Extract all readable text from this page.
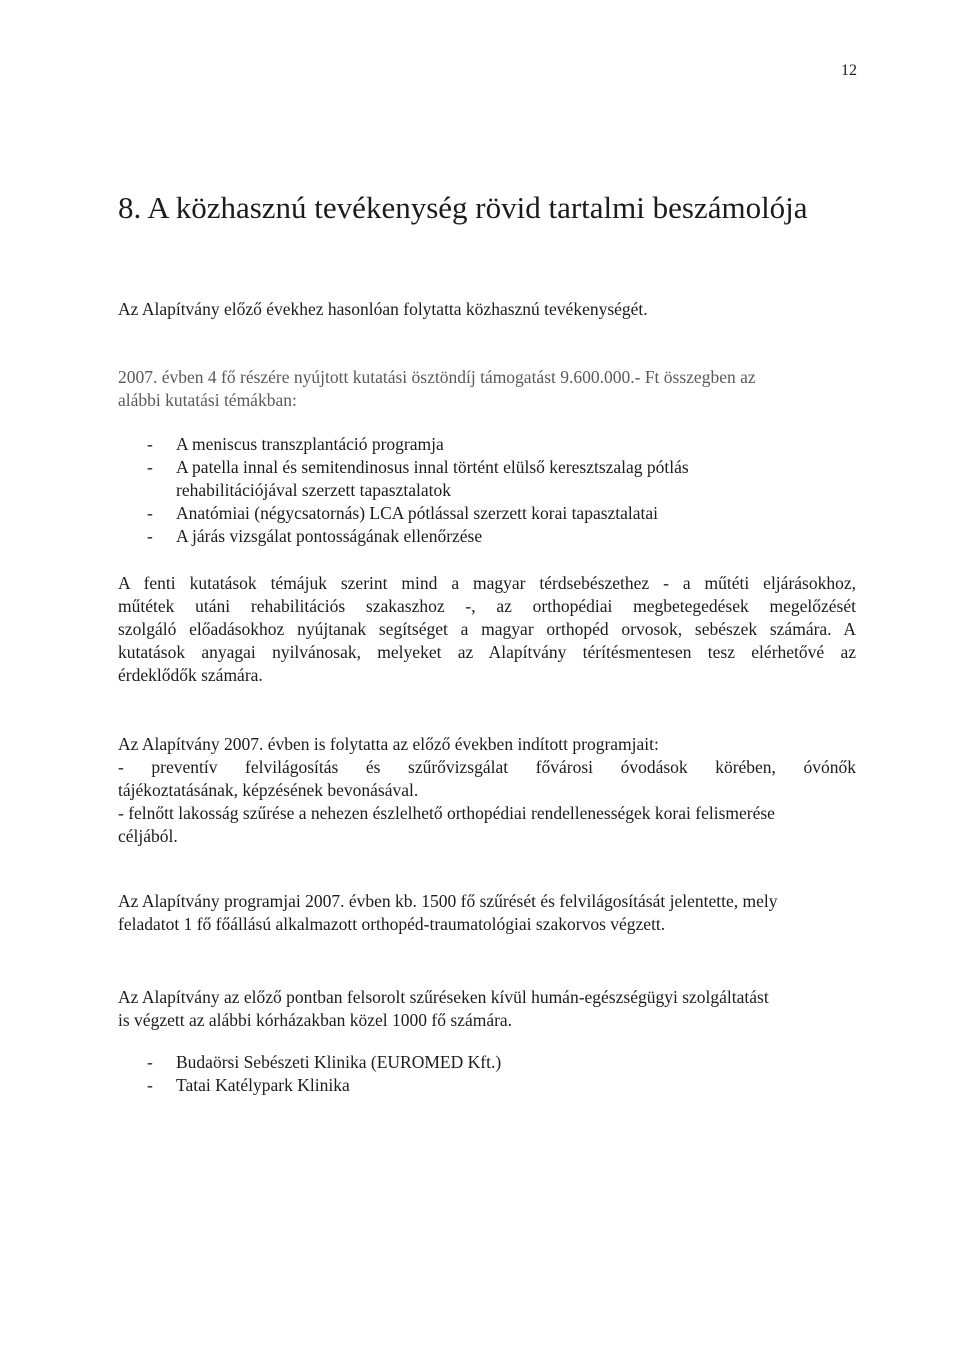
12
8. A közhasznú tevékenység rövid tartalmi beszámolója

Az Alapítvány előző évekhez hasonlóan folytatta közhasznú tevékenységét.

2007. évben 4 fő részére nyújtott kutatási ösztöndíj támogatást 9.600.000.- Ft összegben az
alábbi kutatási témákban:

- A meniscus transzplantáció programja
- A patella innal és semitendinosus innal történt elülső keresztszalag pótlás
rehabilitációjával szerzett tapasztalatok
- Anatómiai (négycsatornás) LCA pótlással szerzett korai tapasztalatai
- A járás vizsgálat pontosságának ellenőrzése

A fenti kutatások témájuk szerint mind a magyar térdsebészethez - a műtéti eljárásokhoz,
műtétek utáni rehabilitációs szakaszhoz -, az orthopédiai megbetegedések megelőzését
szolgáló előadásokhoz nyújtanak segítséget a magyar orthopéd orvosok, sebészek számára. A
kutatások anyagai nyilvánosak, melyeket az Alapítvány térítésmentesen tesz elérhetővé az
érdeklődők számára.

Az Alapítvány 2007. évben is folytatta az előző években indított programjait:
- preventív felvilágosítás és szűrővizsgálat fővárosi óvodások körében, óvónők
tájékoztatásának, képzésének bevonásával.
- felnőtt lakosság szűrése a nehezen észlelhető orthopédiai rendellenességek korai felismerése
céljából.

Az Alapítvány programjai 2007. évben kb. 1500 fő szűrését és felvilágosítását jelentette, mely
feladatot 1 fő főállású alkalmazott orthopéd-traumatológiai szakorvos végzett.

Az Alapítvány az előző pontban felsorolt szűréseken kívül humán-egészségügyi szolgáltatást
is végzett az alábbi kórházakban közel 1000 fő számára.

- Budaörsi Sebészeti Klinika (EUROMED Kft.)
- Tatai Katélypark Klinika
